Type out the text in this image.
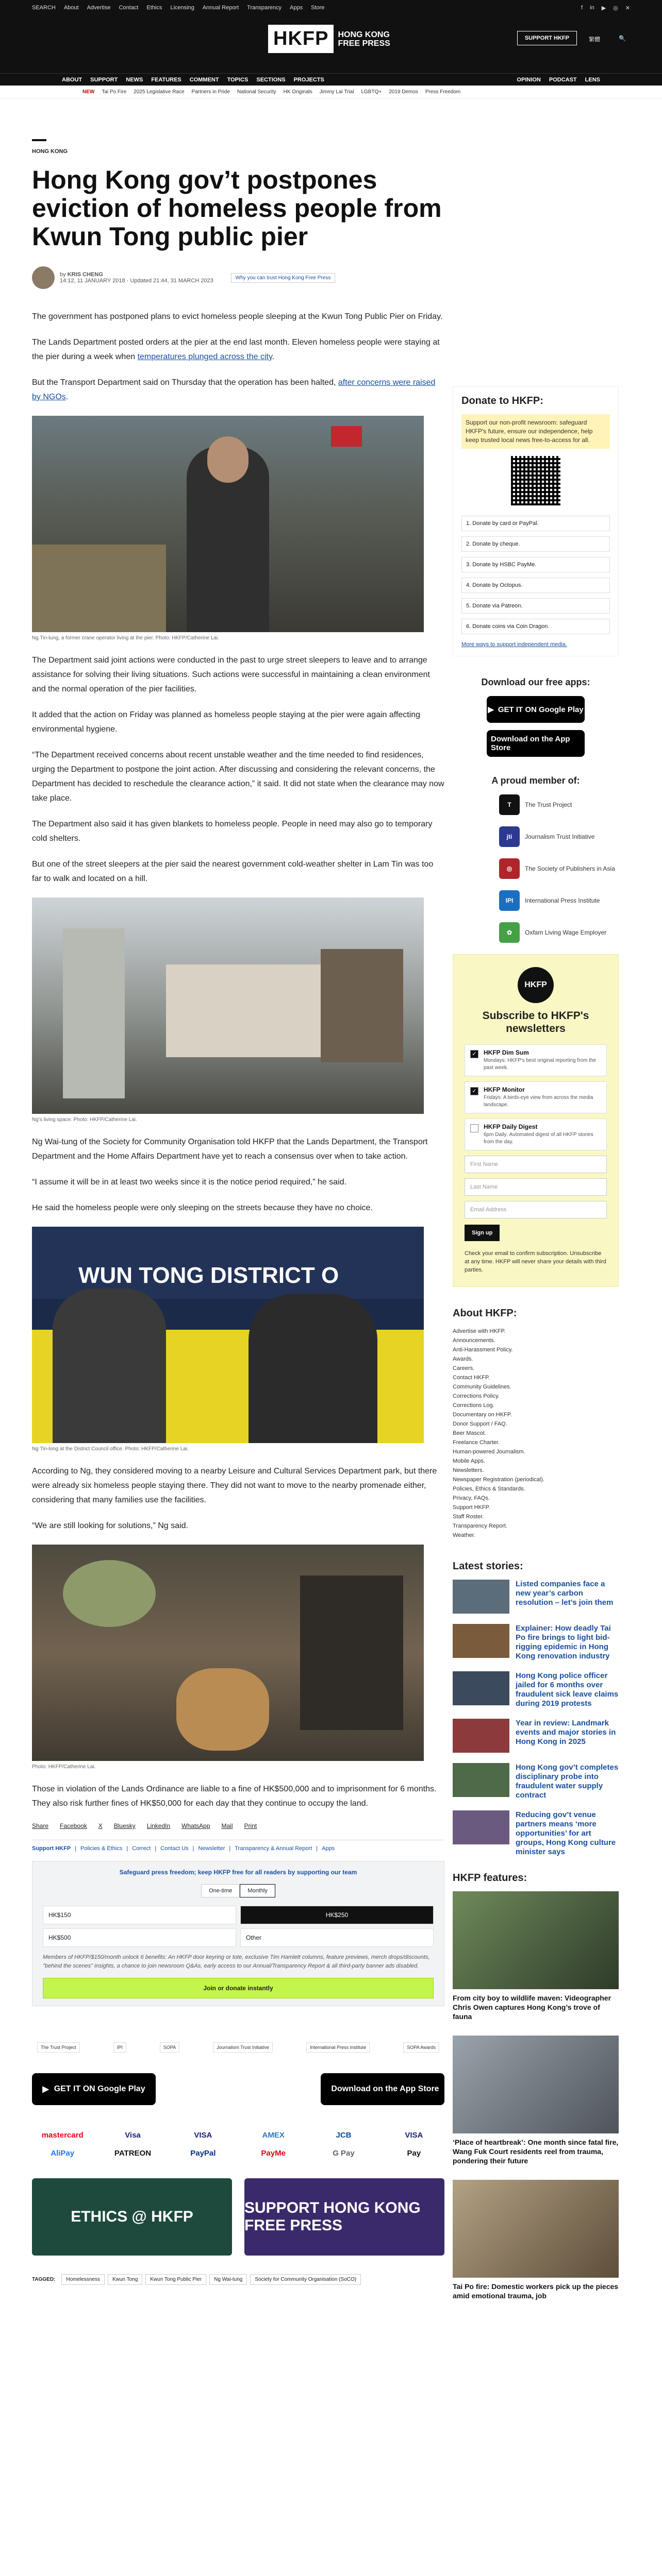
SEARCH About Advertise Contact Ethics Licensing Annual Report Transparency Apps Store	f in ▶ ◎ ✕
HKFP	HONG KONG
FREE PRESS
SUPPORT HKFP	繁體	🔍
ABOUT SUPPORT NEWS FEATURES COMMENT TOPICS SECTIONS PROJECTS	OPINION PODCAST LENS
NEW Tai Po Fire 2025 Legislative Race Partners in Pride National Security HK Originals Jimmy Lai Trial LGBTQ+ 2019 Demos Press Freedom
HONG KONG
Hong Kong gov’t postpones eviction of homeless people from Kwun Tong public pier
by KRIS CHENG
14:12, 11 JANUARY 2018 · Updated 21:44, 31 MARCH 2023	Why you can trust Hong Kong Free Press

The government has postponed plans to evict homeless people sleeping at the Kwun Tong Public Pier on Friday.

The Lands Department posted orders at the pier at the end last month. Eleven homeless people were staying at the pier during a week when temperatures plunged across the city.

But the Transport Department said on Thursday that the operation has been halted, after concerns were raised by NGOs.

Ng Tin-lung, a former crane operator living at the pier. Photo: HKFP/Catherine Lai.

The Department said joint actions were conducted in the past to urge street sleepers to leave and to arrange assistance for solving their living situations. Such actions were successful in maintaining a clean environment and the normal operation of the pier facilities.

It added that the action on Friday was planned as homeless people staying at the pier were again affecting environmental hygiene.

“The Department received concerns about recent unstable weather and the time needed to find residences, urging the Department to postpone the joint action. After discussing and considering the relevant concerns, the Department has decided to reschedule the clearance action,” it said. It did not state when the clearance may now take place.

The Department also said it has given blankets to homeless people. People in need may also go to temporary cold shelters.

But one of the street sleepers at the pier said the nearest government cold-weather shelter in Lam Tin was too far to walk and located on a hill.

Ng’s living space. Photo: HKFP/Catherine Lai.

Ng Wai-tung of the Society for Community Organisation told HKFP that the Lands Department, the Transport Department and the Home Affairs Department have yet to reach a consensus over when to take action.

“I assume it will be in at least two weeks since it is the notice period required,” he said.

He said the homeless people were only sleeping on the streets because they have no choice.

WUN TONG DISTRICT O
Ng Tin-long at the District Council office. Photo: HKFP/Catherine Lai.

According to Ng, they considered moving to a nearby Leisure and Cultural Services Department park, but there were already six homeless people staying there. They did not want to move to the nearby promenade either, considering that many families use the facilities.

“We are still looking for solutions,” Ng said.

Photo: HKFP/Catherine Lai.

Those in violation of the Lands Ordinance are liable to a fine of HK$500,000 and to imprisonment for 6 months. They also risk further fines of HK$50,000 for each day that they continue to occupy the land.

Share Facebook X Bluesky LinkedIn WhatsApp Mail Print
Support HKFP | Policies & Ethics | Correct | Contact Us | Newsletter | Transparency & Annual Report | Apps
Safeguard press freedom; keep HKFP free for all readers by supporting our team
One-time	Monthly
HK$150	HK$250
HK$500	Other
Members of HKFP/$150/month unlock 6 benefits: An HKFP door keyring or tote, exclusive Tim Hamlett columns, feature previews, merch drops/discounts, "behind the scenes" insights, a chance to join newsroom Q&As, early access to our Annual/Transparency Report & all third-party banner ads disabled.
Join or donate instantly
The Trust Project	IPI	SOPA	Journalism Trust Initiative	International Press Institute	SOPA Awards
▶ GET IT ON Google Play	Download on the App Store
mastercard	Visa	VISA	AMEX	JCB	VISA
AliPay	PATREON	PayPal	PayMe	G Pay	Pay
ETHICS @ HKFP
SUPPORT HONG KONG FREE PRESS
TAGGED:	Homelessness	Kwun Tong	Kwun Tong Public Pier	Ng Wai-tung	Society for Community Organisation (SoCO)
Donate to HKFP:
Support our non-profit newsroom: safeguard HKFP's future, ensure our independence, help keep trusted local news free-to-access for all.
1. Donate by card or PayPal.
2. Donate by cheque.
3. Donate by HSBC PayMe.
4. Donate by Octopus.
5. Donate via Patreon.
6. Donate coins via Coin Dragon.
More ways to support independent media.
Download our free apps:
▶ GET IT ON Google Play
Download on the App Store
A proud member of:
T	The Trust Project
jti	Journalism Trust Initiative
◎	The Society of Publishers in Asia
IPI	International Press Institute
✿	Oxfam Living Wage Employer
HKFP
Subscribe to HKFP's newsletters
✓ HKFP Dim Sum
Mondays: HKFP's best original reporting from the past week.
✓ HKFP Monitor
Fridays: A birds-eye view from across the media landscape.
HKFP Daily Digest
6pm Daily: Automated digest of all HKFP stories from the day.
First Name
Last Name
Email Address
Sign up
Check your email to confirm subscription. Unsubscribe at any time. HKFP will never share your details with third parties.
About HKFP:
Advertise with HKFP.
Announcements.
Anti-Harassment Policy.
Awards.
Careers.
Contact HKFP.
Community Guidelines.
Corrections Policy.
Corrections Log.
Documentary on HKFP.
Donor Support / FAQ.
Beer Mascot.
Freelance Charter.
Human-powered Journalism.
Mobile Apps.
Newsletters.
Newspaper Registration (periodical).
Policies, Ethics & Standards.
Privacy, FAQs.
Support HKFP.
Staff Roster.
Transparency Report.
Weather.
Latest stories:
Listed companies face a new year’s carbon resolution – let’s join them
Explainer: How deadly Tai Po fire brings to light bid-rigging epidemic in Hong Kong renovation industry
Hong Kong police officer jailed for 6 months over fraudulent sick leave claims during 2019 protests
Year in review: Landmark events and major stories in Hong Kong in 2025
Hong Kong gov’t completes disciplinary probe into fraudulent water supply contract
Reducing gov’t venue partners means ‘more opportunities’ for art groups, Hong Kong culture minister says
HKFP features:
From city boy to wildlife maven: Videographer Chris Owen captures Hong Kong’s trove of fauna
‘Place of heartbreak’: One month since fatal fire, Wang Fuk Court residents reel from trauma, pondering their future
Tai Po fire: Domestic workers pick up the pieces amid emotional trauma, job
